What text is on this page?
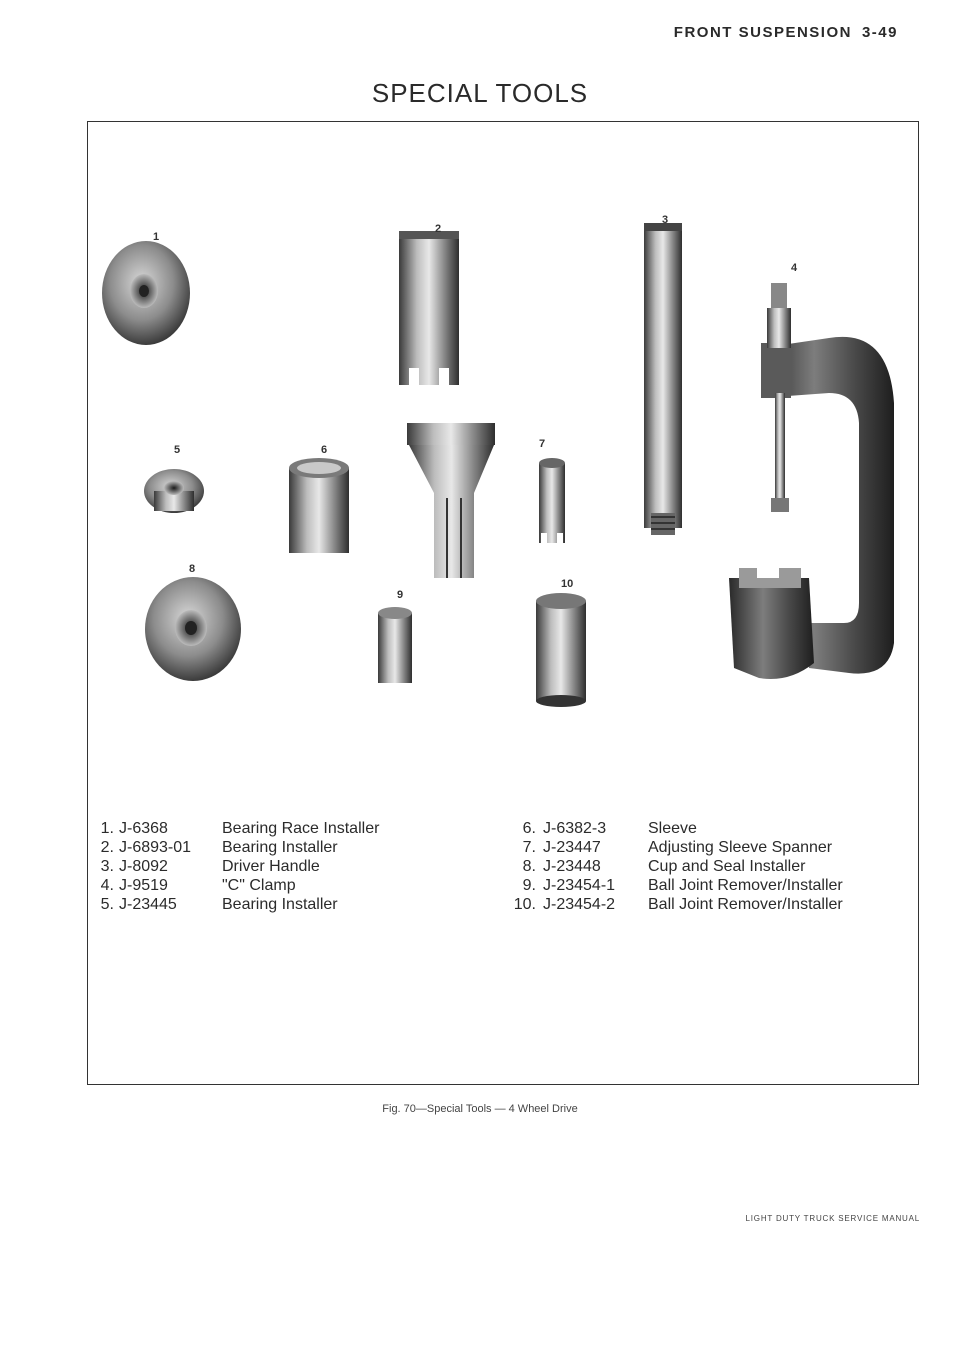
FRONT SUSPENSION 3-49
SPECIAL TOOLS
1
2
3
4
5	6	7
8
9
10
1. J-6368	Bearing Race Installer
2. J-6893-01 Bearing Installer
3. J-8092	Driver Handle
4. J-9519	"C" Clamp
5. J-23445	Bearing Installer
6. J-6382-3	Sleeve
7. J-23447	Adjusting Sleeve Spanner
8. J-23448	Cup and Seal Installer
9. J-23454-1 Ball Joint Remover/Installer
10. J-23454-2 Ball Joint Remover/Installer
Fig. 70—Special Tools — 4 Wheel Drive
LIGHT DUTY TRUCK SERVICE MANUAL
